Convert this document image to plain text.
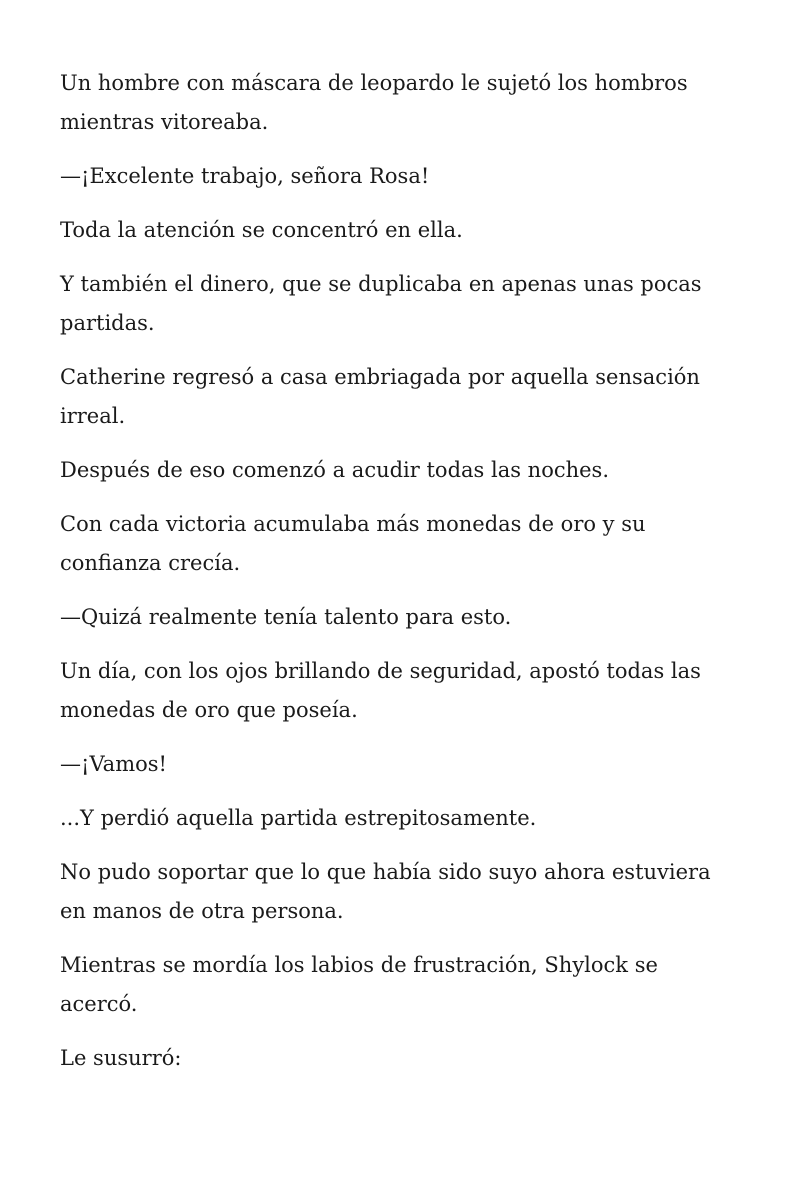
Un hombre con máscara de leopardo le sujetó los hombros mientras vitoreaba.

—¡Excelente trabajo, señora Rosa!

Toda la atención se concentró en ella.

Y también el dinero, que se duplicaba en apenas unas pocas partidas.

Catherine regresó a casa embriagada por aquella sensación irreal.

Después de eso comenzó a acudir todas las noches.

Con cada victoria acumulaba más monedas de oro y su confianza crecía.

—Quizá realmente tenía talento para esto.

Un día, con los ojos brillando de seguridad, apostó todas las monedas de oro que poseía.

—¡Vamos!

...Y perdió aquella partida estrepitosamente.

No pudo soportar que lo que había sido suyo ahora estuviera en manos de otra persona.

Mientras se mordía los labios de frustración, Shylock se acercó.

Le susurró:
